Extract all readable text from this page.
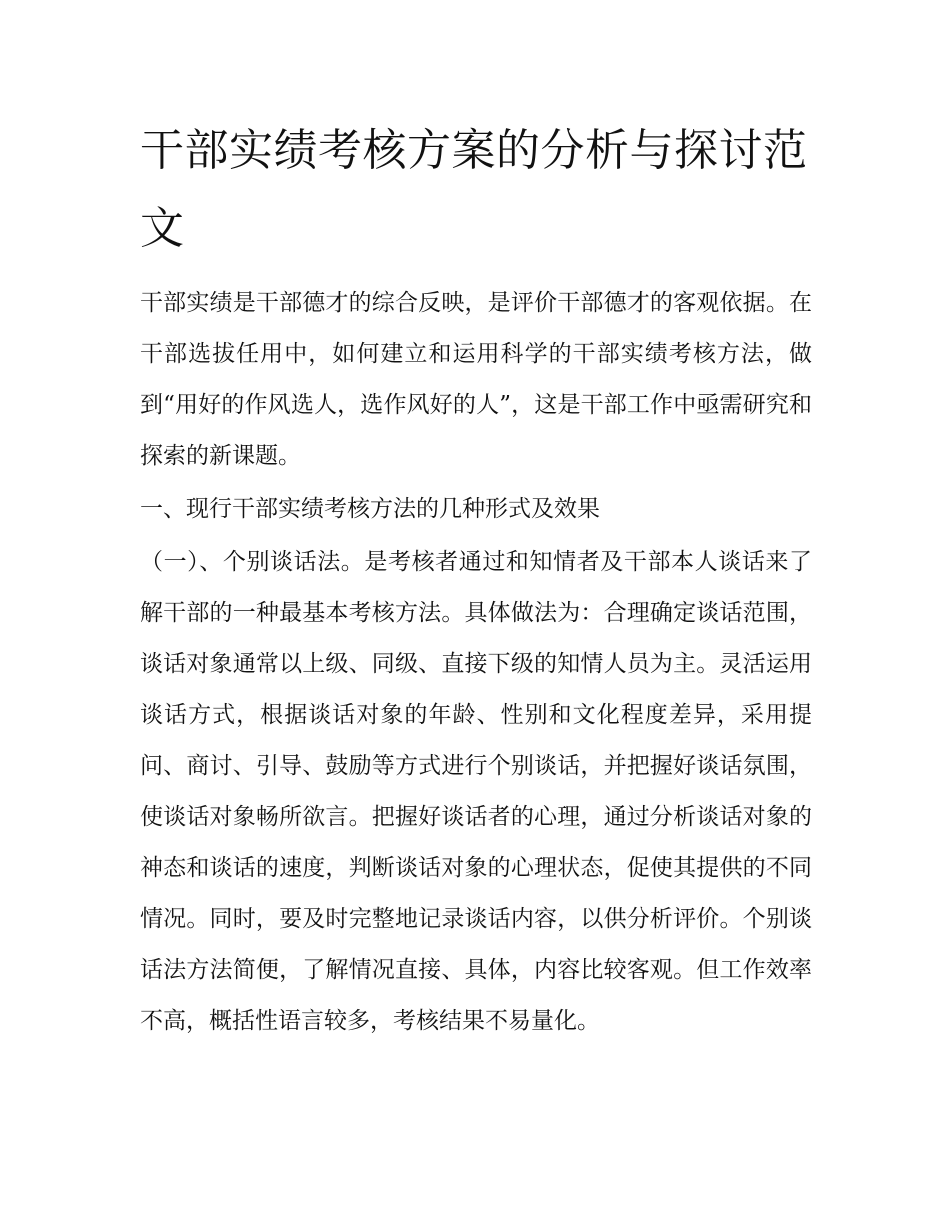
干部实绩考核方案的分析与探讨范文

干部实绩是干部德才的综合反映，是评价干部德才的客观依据。在干部选拔任用中，如何建立和运用科学的干部实绩考核方法，做到“用好的作风选人，选作风好的人”，这是干部工作中亟需研究和探索的新课题。

一、现行干部实绩考核方法的几种形式及效果

（一）、个别谈话法。是考核者通过和知情者及干部本人谈话来了解干部的一种最基本考核方法。具体做法为：合理确定谈话范围，谈话对象通常以上级、同级、直接下级的知情人员为主。灵活运用谈话方式，根据谈话对象的年龄、性别和文化程度差异，采用提问、商讨、引导、鼓励等方式进行个别谈话，并把握好谈话氛围，使谈话对象畅所欲言。把握好谈话者的心理，通过分析谈话对象的神态和谈话的速度，判断谈话对象的心理状态，促使其提供的不同情况。同时，要及时完整地记录谈话内容，以供分析评价。个别谈话法方法简便，了解情况直接、具体，内容比较客观。但工作效率不高，概括性语言较多，考核结果不易量化。
